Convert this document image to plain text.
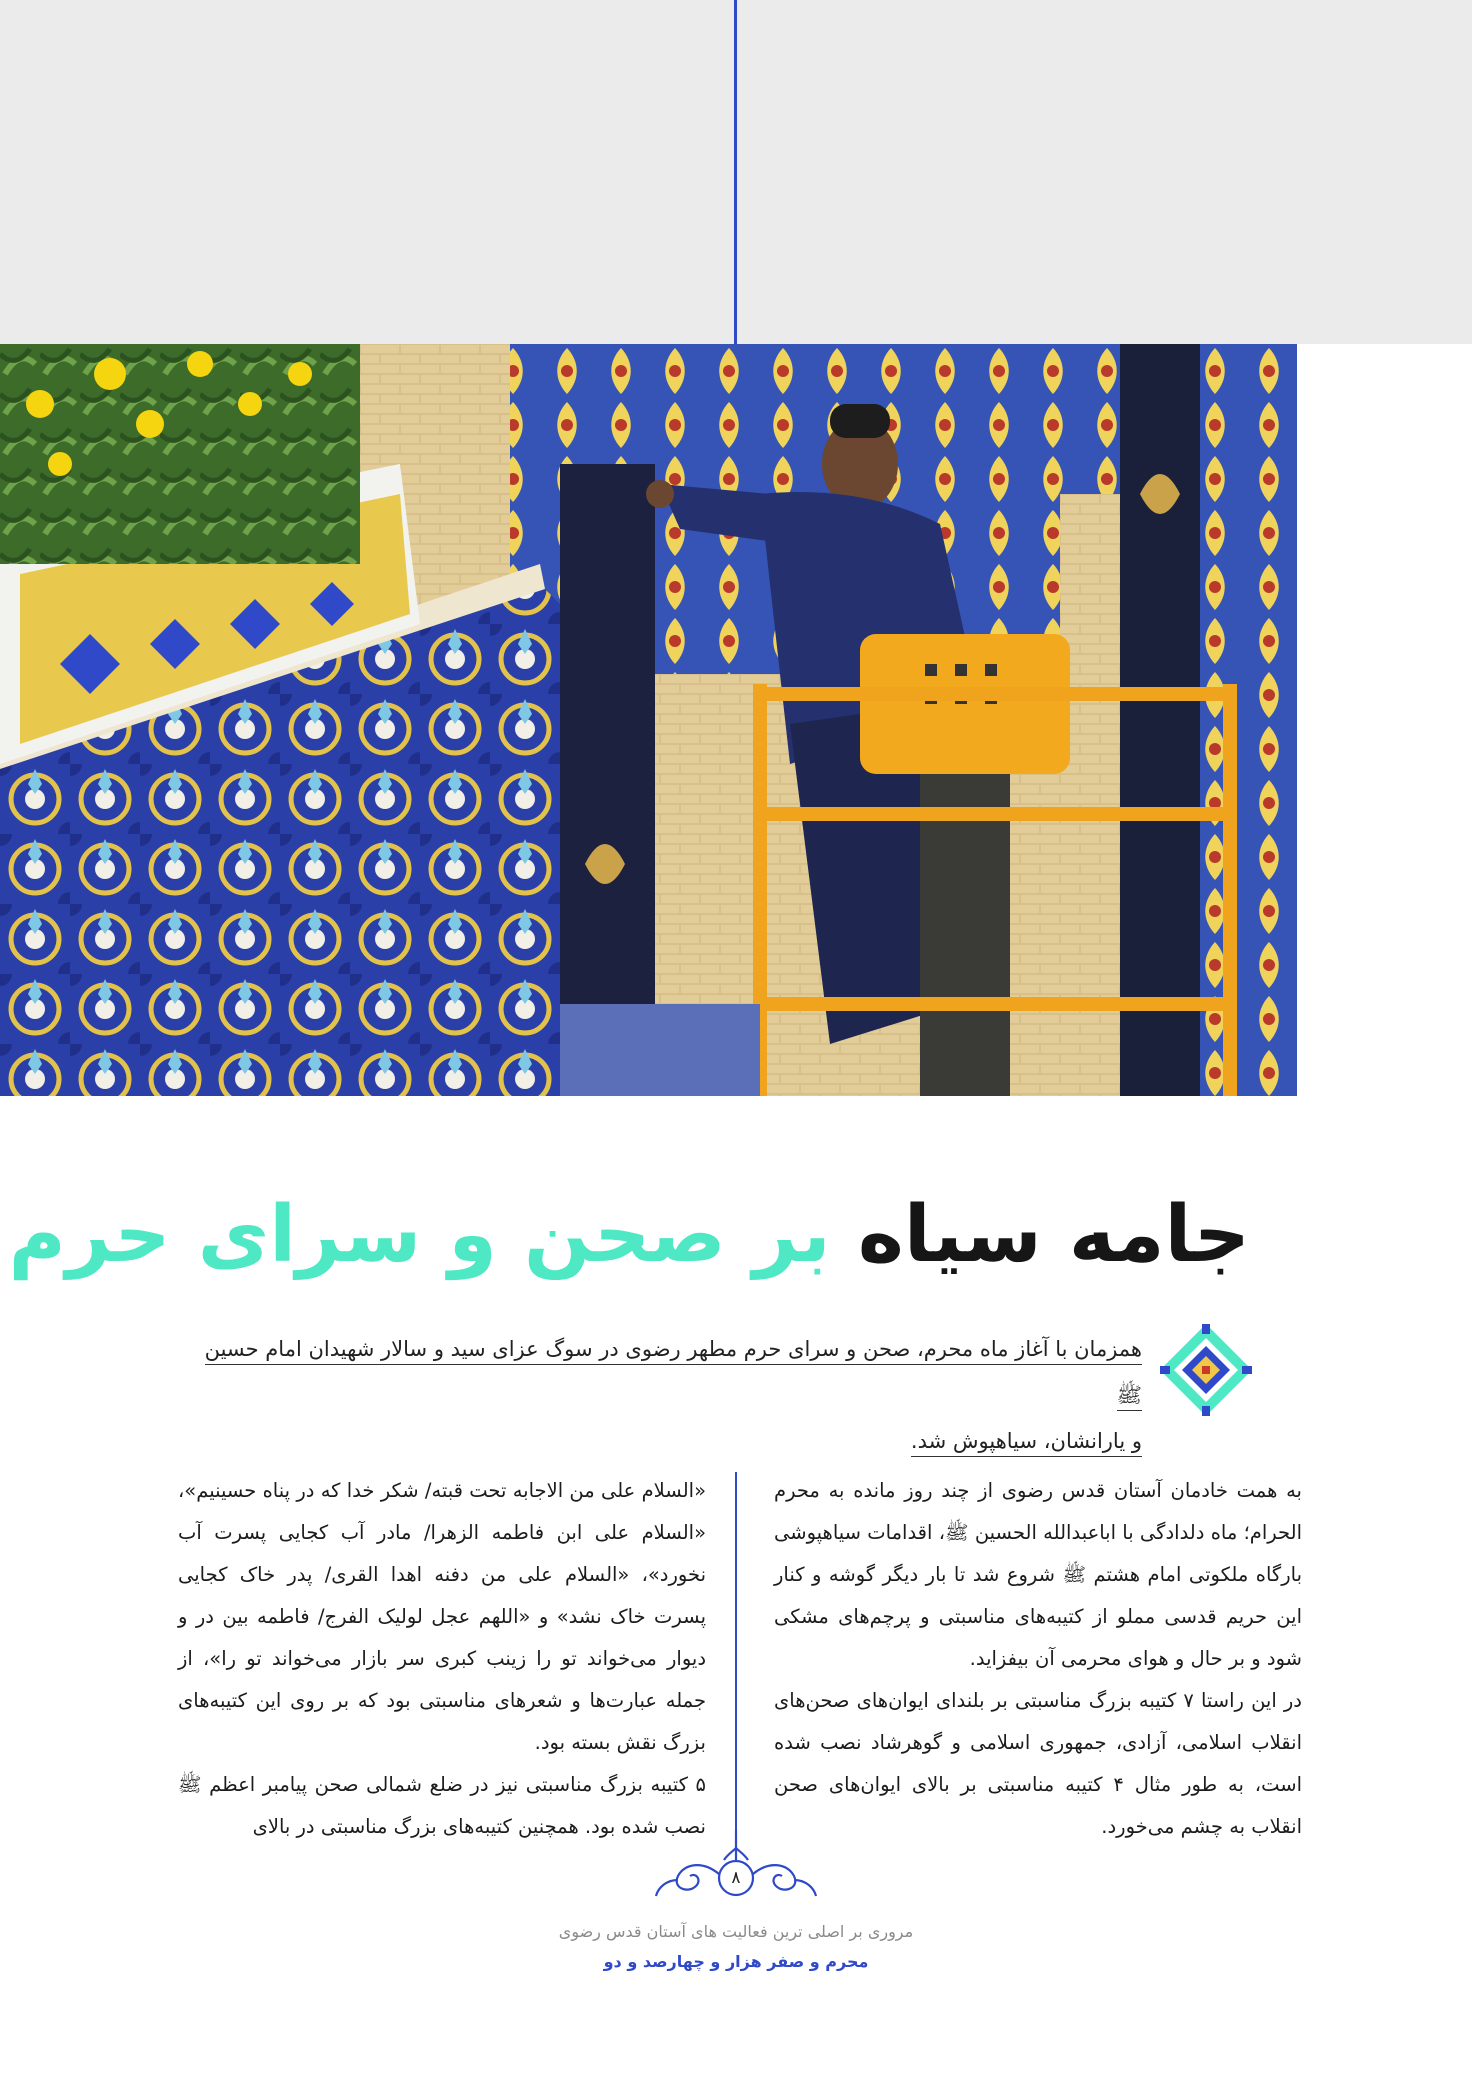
جامه سیاه بر صحن و سرای حرم
همزمان با آغاز ماه محرم، صحن و سرای حرم مطهر رضوی در سوگ عزای سید و سالار شهیدان امام حسین ﷺ
و یارانشان، سیاهپوش شد.

به همت خادمان آستان قدس رضوی از چند روز مانده به محرم الحرام؛ ماه دلدادگی با اباعبدالله الحسین ﷺ، اقدامات سیاهپوشی بارگاه ملکوتی امام هشتم ﷺ شروع شد تا بار دیگر گوشه و کنار این حریم قدسی مملو از کتیبه‌های مناسبتی و پرچم‌های مشکی شود و بر حال و هوای محرمی آن بیفزاید.

در این راستا ۷ کتیبه بزرگ مناسبتی بر بلندای ایوان‌های صحن‌های انقلاب اسلامی، آزادی، جمهوری اسلامی و گوهرشاد نصب شده است، به طور مثال ۴ کتیبه مناسبتی بر بالای ایوان‌های صحن انقلاب به چشم می‌خورد.

«السلام علی من الاجابه تحت قبته/ شکر خدا که در پناه حسینیم»، «السلام علی ابن فاطمه الزهرا/ مادر آب کجایی پسرت آب نخورد»، «السلام علی من دفنه اهدا القری/ پدر خاک کجایی پسرت خاک نشد» و «اللهم عجل لولیک الفرج/ فاطمه بین در و دیوار می‌خواند تو را زینب کبری سر بازار می‌خواند تو را»، از جمله عبارت‌ها و شعرهای مناسبتی بود که بر روی این کتیبه‌های بزرگ نقش بسته بود.

۵ کتیبه بزرگ مناسبتی نیز در ضلع شمالی صحن پیامبر اعظم ﷺ نصب شده بود. همچنین کتیبه‌های بزرگ مناسبتی در بالای

۸
مروری بر اصلی ترین فعالیت های آستان قدس رضوی
محرم و صفر هزار و چهارصد و دو
